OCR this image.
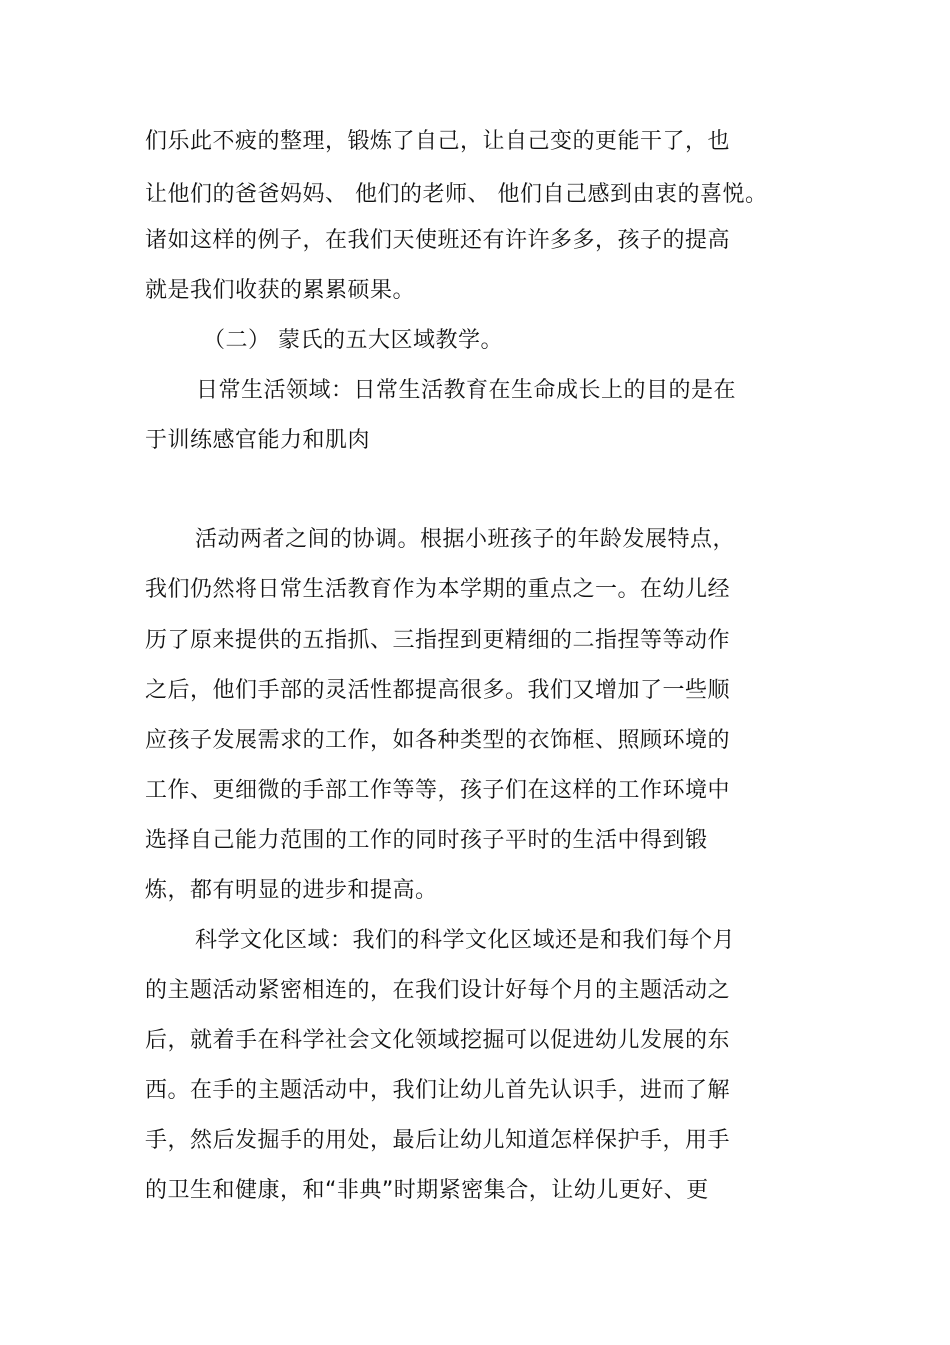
们乐此不疲的整理，锻炼了自己，让自己变的更能干了，也
让他们的爸爸妈妈、 他们的老师、 他们自己感到由衷的喜悦。
诸如这样的例子，在我们天使班还有许许多多，孩子的提高
就是我们收获的累累硕果。
（二） 蒙氏的五大区域教学。
日常生活领域：日常生活教育在生命成长上的目的是在
于训练感官能力和肌肉
活动两者之间的协调。根据小班孩子的年龄发展特点，
我们仍然将日常生活教育作为本学期的重点之一。在幼儿经
历了原来提供的五指抓、三指捏到更精细的二指捏等等动作
之后，他们手部的灵活性都提高很多。我们又增加了一些顺
应孩子发展需求的工作，如各种类型的衣饰框、照顾环境的
工作、更细微的手部工作等等，孩子们在这样的工作环境中
选择自己能力范围的工作的同时孩子平时的生活中得到锻
炼，都有明显的进步和提高。
科学文化区域：我们的科学文化区域还是和我们每个月
的主题活动紧密相连的，在我们设计好每个月的主题活动之
后，就着手在科学社会文化领域挖掘可以促进幼儿发展的东
西。在手的主题活动中，我们让幼儿首先认识手，进而了解
手，然后发掘手的用处，最后让幼儿知道怎样保护手，用手
的卫生和健康，和“非典”时期紧密集合，让幼儿更好、更
